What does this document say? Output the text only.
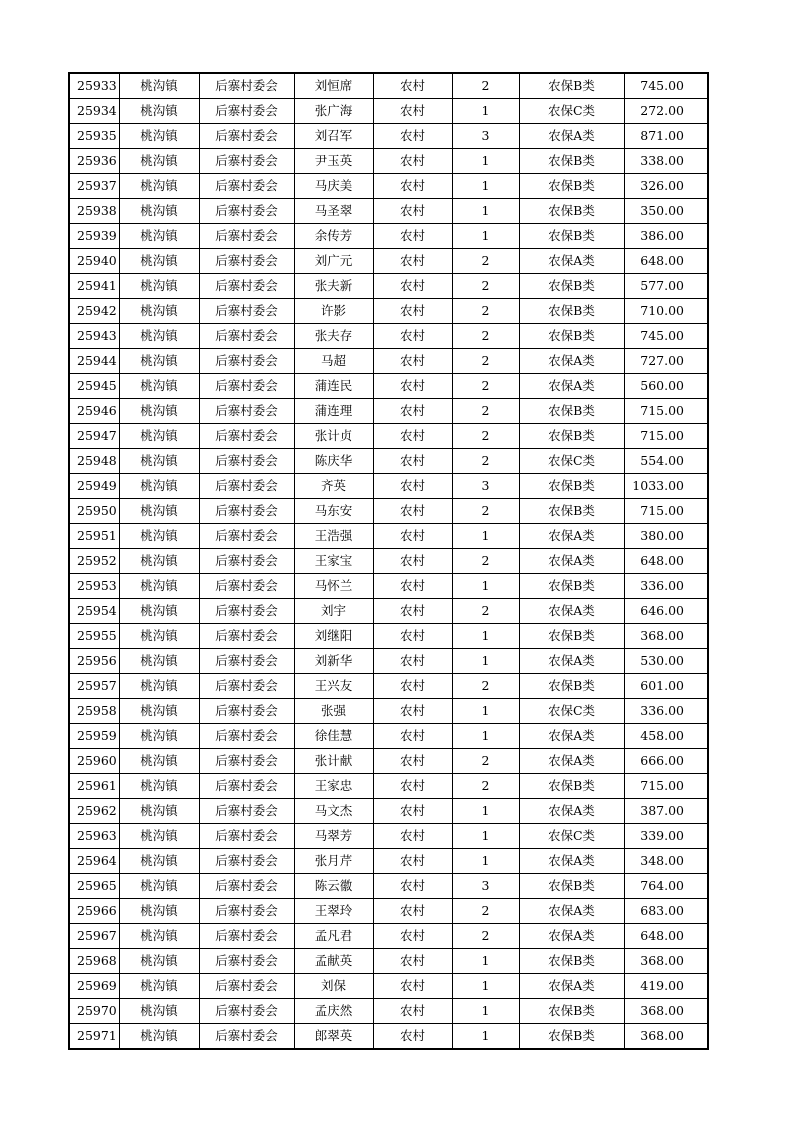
25933	桃沟镇	后寨村委会	刘恒席	农村	2	农保B类	745.00
25934	桃沟镇	后寨村委会	张广海	农村	1	农保C类	272.00
25935	桃沟镇	后寨村委会	刘召军	农村	3	农保A类	871.00
25936	桃沟镇	后寨村委会	尹玉英	农村	1	农保B类	338.00
25937	桃沟镇	后寨村委会	马庆美	农村	1	农保B类	326.00
25938	桃沟镇	后寨村委会	马圣翠	农村	1	农保B类	350.00
25939	桃沟镇	后寨村委会	余传芳	农村	1	农保B类	386.00
25940	桃沟镇	后寨村委会	刘广元	农村	2	农保A类	648.00
25941	桃沟镇	后寨村委会	张夫新	农村	2	农保B类	577.00
25942	桃沟镇	后寨村委会	许影	农村	2	农保B类	710.00
25943	桃沟镇	后寨村委会	张夫存	农村	2	农保B类	745.00
25944	桃沟镇	后寨村委会	马超	农村	2	农保A类	727.00
25945	桃沟镇	后寨村委会	蒲连民	农村	2	农保A类	560.00
25946	桃沟镇	后寨村委会	蒲连理	农村	2	农保B类	715.00
25947	桃沟镇	后寨村委会	张计贞	农村	2	农保B类	715.00
25948	桃沟镇	后寨村委会	陈庆华	农村	2	农保C类	554.00
25949	桃沟镇	后寨村委会	齐英	农村	3	农保B类	1033.00
25950	桃沟镇	后寨村委会	马东安	农村	2	农保B类	715.00
25951	桃沟镇	后寨村委会	王浩强	农村	1	农保A类	380.00
25952	桃沟镇	后寨村委会	王家宝	农村	2	农保A类	648.00
25953	桃沟镇	后寨村委会	马怀兰	农村	1	农保B类	336.00
25954	桃沟镇	后寨村委会	刘宇	农村	2	农保A类	646.00
25955	桃沟镇	后寨村委会	刘继阳	农村	1	农保B类	368.00
25956	桃沟镇	后寨村委会	刘新华	农村	1	农保A类	530.00
25957	桃沟镇	后寨村委会	王兴友	农村	2	农保B类	601.00
25958	桃沟镇	后寨村委会	张强	农村	1	农保C类	336.00
25959	桃沟镇	后寨村委会	徐佳慧	农村	1	农保A类	458.00
25960	桃沟镇	后寨村委会	张计献	农村	2	农保A类	666.00
25961	桃沟镇	后寨村委会	王家忠	农村	2	农保B类	715.00
25962	桃沟镇	后寨村委会	马文杰	农村	1	农保A类	387.00
25963	桃沟镇	后寨村委会	马翠芳	农村	1	农保C类	339.00
25964	桃沟镇	后寨村委会	张月芹	农村	1	农保A类	348.00
25965	桃沟镇	后寨村委会	陈云徽	农村	3	农保B类	764.00
25966	桃沟镇	后寨村委会	王翠玲	农村	2	农保A类	683.00
25967	桃沟镇	后寨村委会	孟凡君	农村	2	农保A类	648.00
25968	桃沟镇	后寨村委会	孟献英	农村	1	农保B类	368.00
25969	桃沟镇	后寨村委会	刘保	农村	1	农保A类	419.00
25970	桃沟镇	后寨村委会	孟庆然	农村	1	农保B类	368.00
25971	桃沟镇	后寨村委会	郎翠英	农村	1	农保B类	368.00
